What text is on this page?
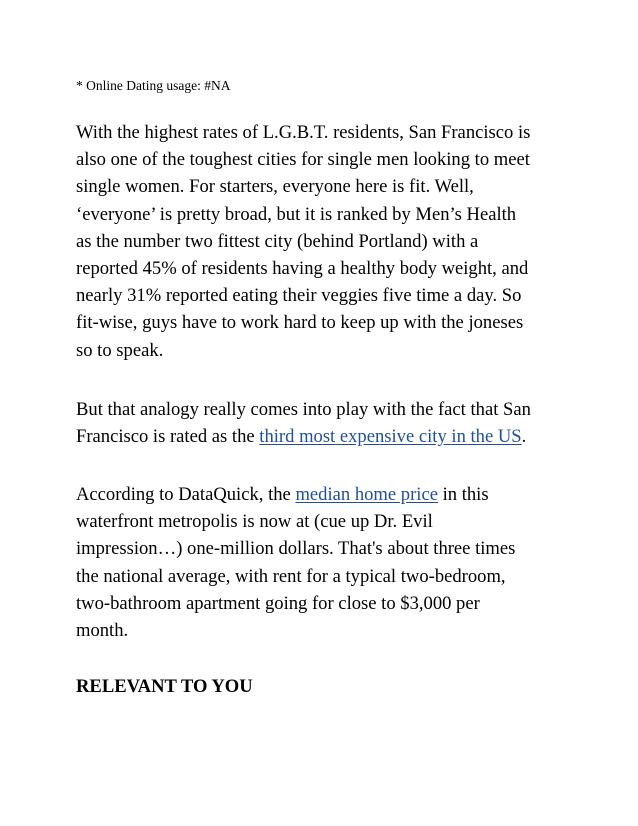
* Online Dating usage: #NA

With the highest rates of L.G.B.T. residents, San Francisco is
also one of the toughest cities for single men looking to meet
single women. For starters, everyone here is fit. Well,
‘everyone’ is pretty broad, but it is ranked by Men’s Health
as the number two fittest city (behind Portland) with a
reported 45% of residents having a healthy body weight, and
nearly 31% reported eating their veggies five time a day. So
fit-wise, guys have to work hard to keep up with the joneses
so to speak.

But that analogy really comes into play with the fact that San
Francisco is rated as the third most expensive city in the US.

According to DataQuick, the median home price in this
waterfront metropolis is now at (cue up Dr. Evil
impression…) one-million dollars. That's about three times
the national average, with rent for a typical two-bedroom,
two-bathroom apartment going for close to $3,000 per
month.

RELEVANT TO YOU
